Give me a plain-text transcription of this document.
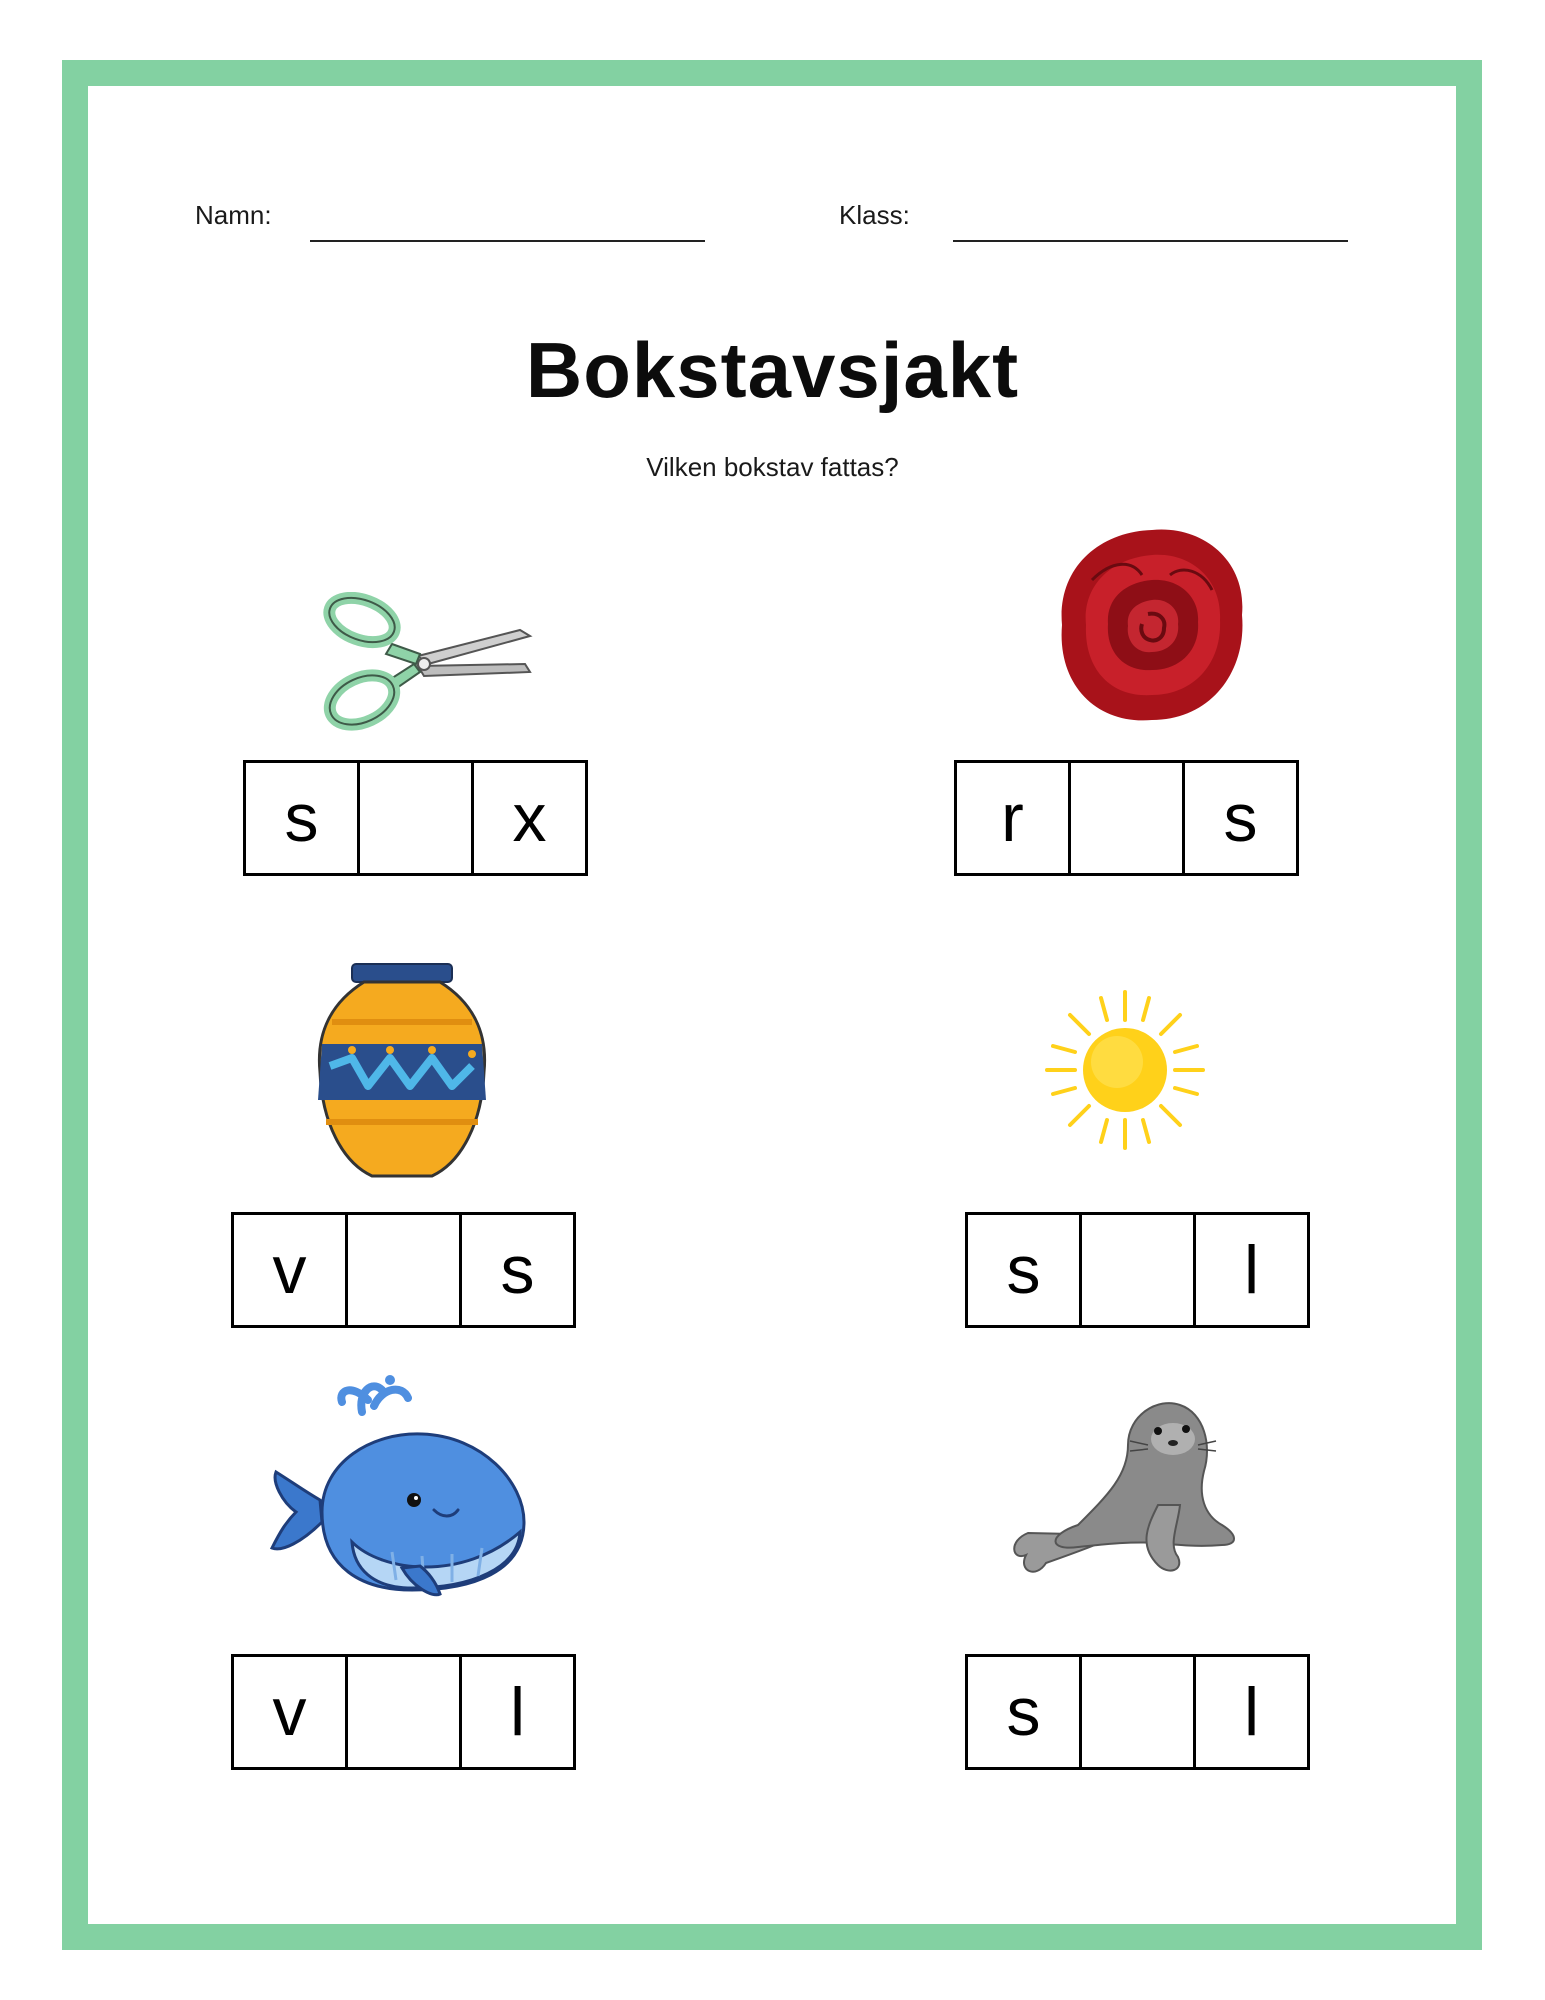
Namn:	Klass:
Bokstavsjakt
Vilken bokstav fattas?
s	x	r	s
v	s	s	l
v	l	s	l
